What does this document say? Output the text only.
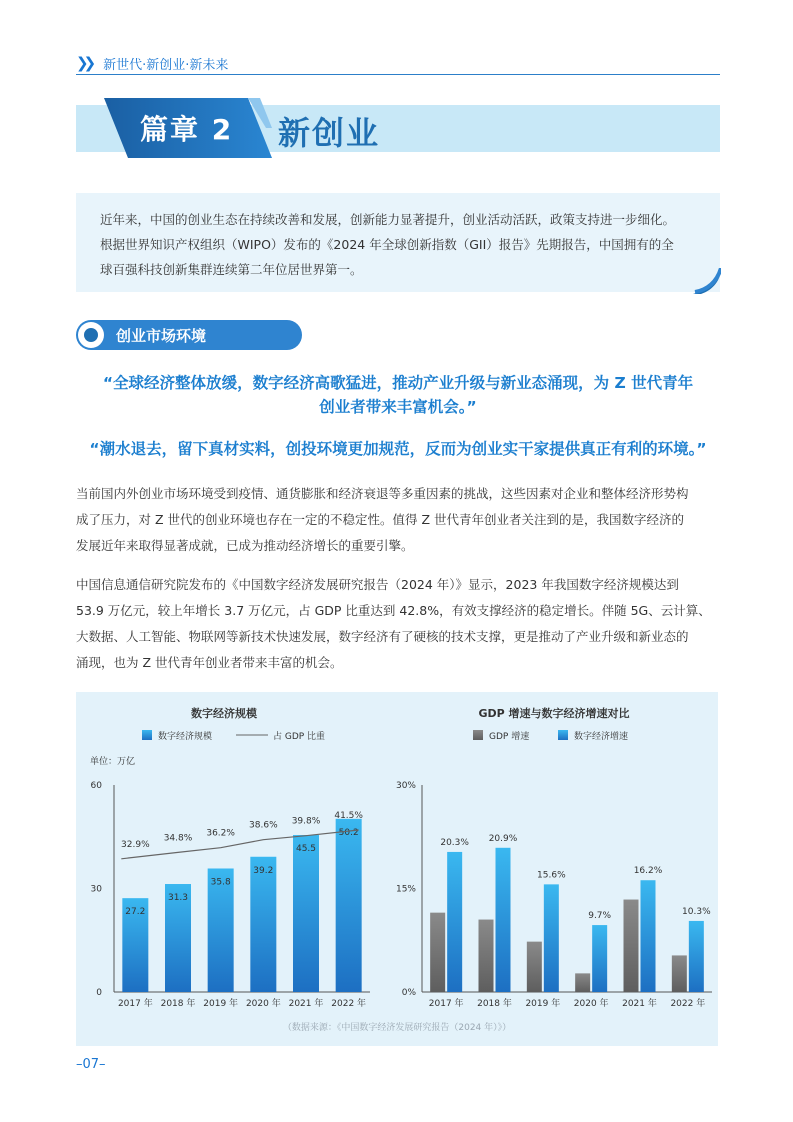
❯❯ 新世代·新创业·新未来
篇章 2 新创业
近年来，中国的创业生态在持续改善和发展，创新能力显著提升，创业活动活跃，政策支持进一步细化。
根据世界知识产权组织（WIPO）发布的《2024 年全球创新指数（GII）报告》先期报告，中国拥有的全
球百强科技创新集群连续第二年位居世界第一。
创业市场环境
“全球经济整体放缓，数字经济高歌猛进，推动产业升级与新业态涌现，为 Z 世代青年
创业者带来丰富机会。”
“潮水退去，留下真材实料，创投环境更加规范，反而为创业实干家提供真正有利的环境。”
当前国内外创业市场环境受到疫情、通货膨胀和经济衰退等多重因素的挑战，这些因素对企业和整体经济形势构
成了压力，对 Z 世代的创业环境也存在一定的不稳定性。值得 Z 世代青年创业者关注到的是，我国数字经济的
发展近年来取得显著成就，已成为推动经济增长的重要引擎。
中国信息通信研究院发布的《中国数字经济发展研究报告（2024 年）》显示，2023 年我国数字经济规模达到
53.9 万亿元，较上年增长 3.7 万亿元，占 GDP 比重达到 42.8%，有效支撑经济的稳定增长。伴随 5G、云计算、
大数据、人工智能、物联网等新技术快速发展，数字经济有了硬核的技术支撑，更是推动了产业升级和新业态的
涌现，也为 Z 世代青年创业者带来丰富的机会。
数字经济规模
数字经济规模	占 GDP 比重
单位：万亿
0
30
60
27.2
2017 年
31.3
2018 年
35.8
2019 年
39.2
2020 年
45.5
2021 年
50.2
2022 年
32.9%
34.8% 36.2%
38.6% 39.8%
41.5%
GDP 增速与数字经济增速对比
GDP 增速	数字经济增速
0%
15%
30%
20.3%
2017 年
20.9%
2018 年
15.6%
2019 年
9.7%
2020 年
16.2%
2021 年
10.3%
2022 年
（数据来源：《中国数字经济发展研究报告（2024 年）》）
–07–
